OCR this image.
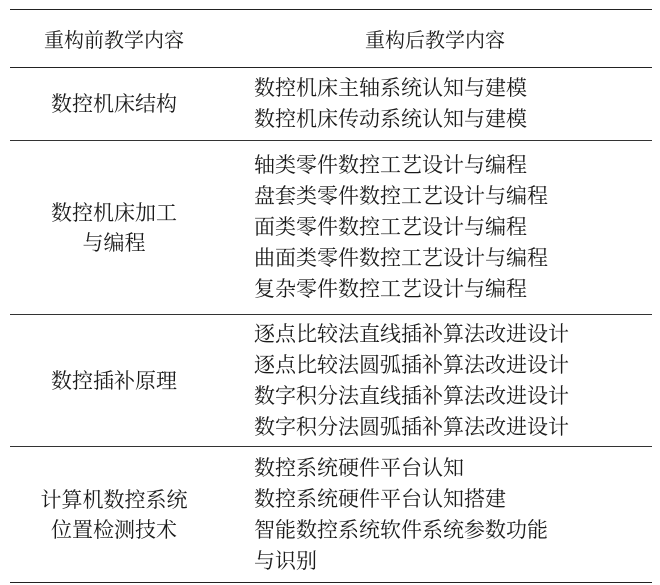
重构前教学内容	重构后教学内容

数控机床结构	数控机床主轴系统认知与建模
数控机床传动系统认知与建模

数控机床加工
与编程	轴类零件数控工艺设计与编程
盘套类零件数控工艺设计与编程
面类零件数控工艺设计与编程
曲面类零件数控工艺设计与编程
复杂零件数控工艺设计与编程

数控插补原理	逐点比较法直线插补算法改进设计
逐点比较法圆弧插补算法改进设计
数字积分法直线插补算法改进设计
数字积分法圆弧插补算法改进设计

计算机数控系统
位置检测技术	数控系统硬件平台认知
数控系统硬件平台认知搭建
智能数控系统软件系统参数功能
与识别
